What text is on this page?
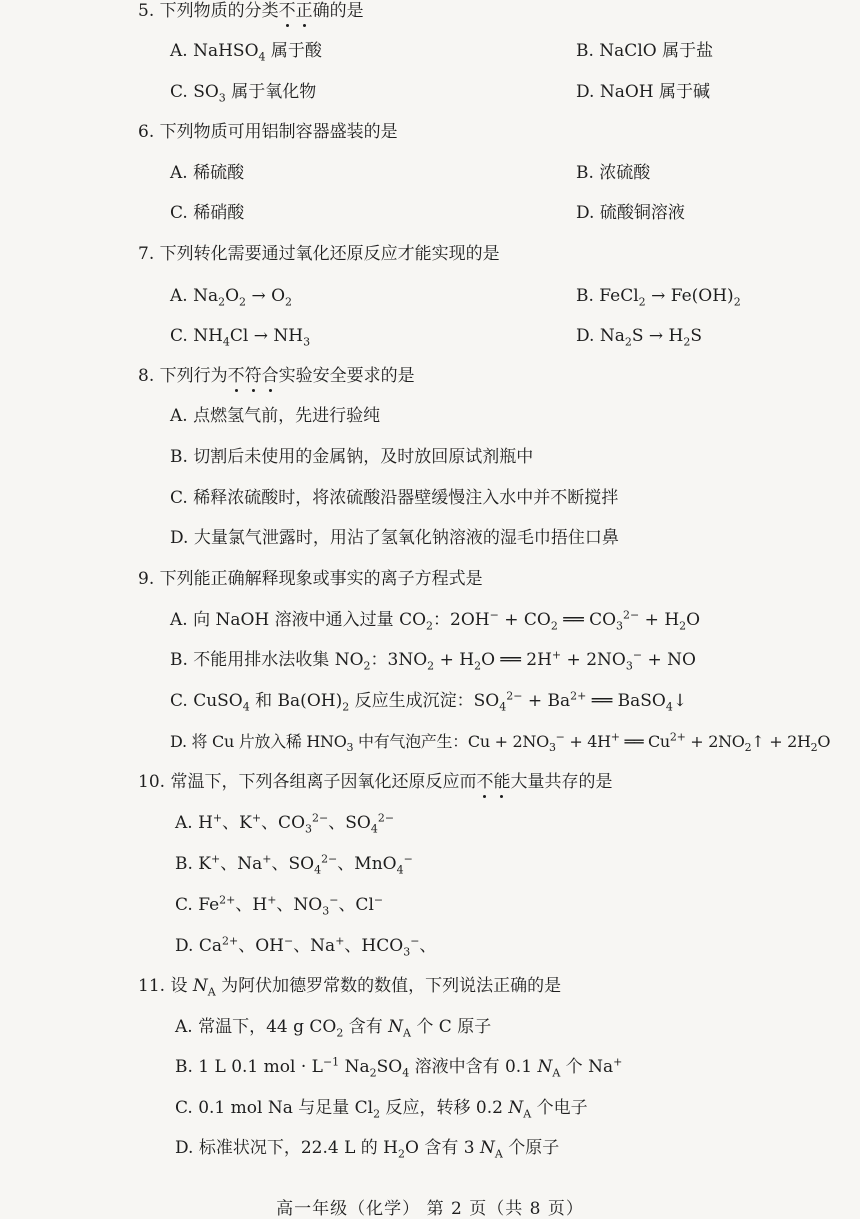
5. 下列物质的分类不正确的是
A. NaHSO$_4$ 属于酸	B. NaClO 属于盐
C. $SO_3$ 属于氧化物	D. NaOH 属于碱
6. 下列物质可用铝制容器盛装的是
A. 稀硫酸	B. 浓硫酸
C. 稀硝酸	D. 硫酸铜溶液
7. 下列转化需要通过氧化还原反应才能实现的是
A. $Na_2O_2 \to O_2$	B. FeCl$_2$ → $Fe(OH)_2$
C. $NH_4Cl \to NH_3$	D. $Na_2S \to H_2S$
8. 下列行为不符合实验安全要求的是
A. 点燃氢气前，先进行验纯
B. 切割后未使用的金属钠，及时放回原试剂瓶中
C. 稀释浓硫酸时，将浓硫酸沿器壁缓慢注入水中并不断搅拌
D. 大量氯气泄露时，用沾了氢氧化钠溶液的湿毛巾捂住口鼻
9. 下列能正确解释现象或事实的离子方程式是
A. 向 NaOH 溶液中通入过量 $CO_2$：$2OH^- + CO_2$ ══ $CO_3^{2-} + H_2O$
B. 不能用排水法收集 $NO_2$：$3NO_2 + H_2O$ ══ $2H^+ + 2NO_3^-$ + NO
C. CuSO$_4$ 和 $Ba(OH)_2$ 反应生成沉淀：$SO_4^{2-} + Ba^{2+}$ ══ BaSO$_4$↓
D. 将 Cu 片放入稀 $HNO_3$ 中有气泡产生：$Cu + 2NO_3^- + 4H^+$ ══ $Cu^{2+}$ + $2NO_2↑ + 2H_2O$
10. 常温下，下列各组离子因氧化还原反应而不能大量共存的是
A. H+、K+、$CO_3^{2-}$、$SO_4^{2-}$
B. K+、Na+、$SO_4^{2-}$、MnO$_4$−
C. $Fe^{2+}$、H+、$NO_3^-$、Cl−
D. $Ca^{2+}$、OH−、Na+、$HCO_3^-$、
11. 设 $N_A$ 为阿伏加德罗常数的数值，下列说法正确的是
A. 常温下，44 g $CO_2$ 含有 $N_A$ 个 C 原子
B. 1 L 0.1 mol · $L^{-1}$ $Na_2SO_4$ 溶液中含有 0.1 $N_A$ 个 Na+
C. 0.1 mol Na 与足量 $Cl_2$ 反应，转移 0.2 $N_A$ 个电子
D. 标准状况下，22.4 L 的 $H_2O$ 含有 3 $N_A$ 个原子
高一年级（化学） 第 2 页（共 8 页）
